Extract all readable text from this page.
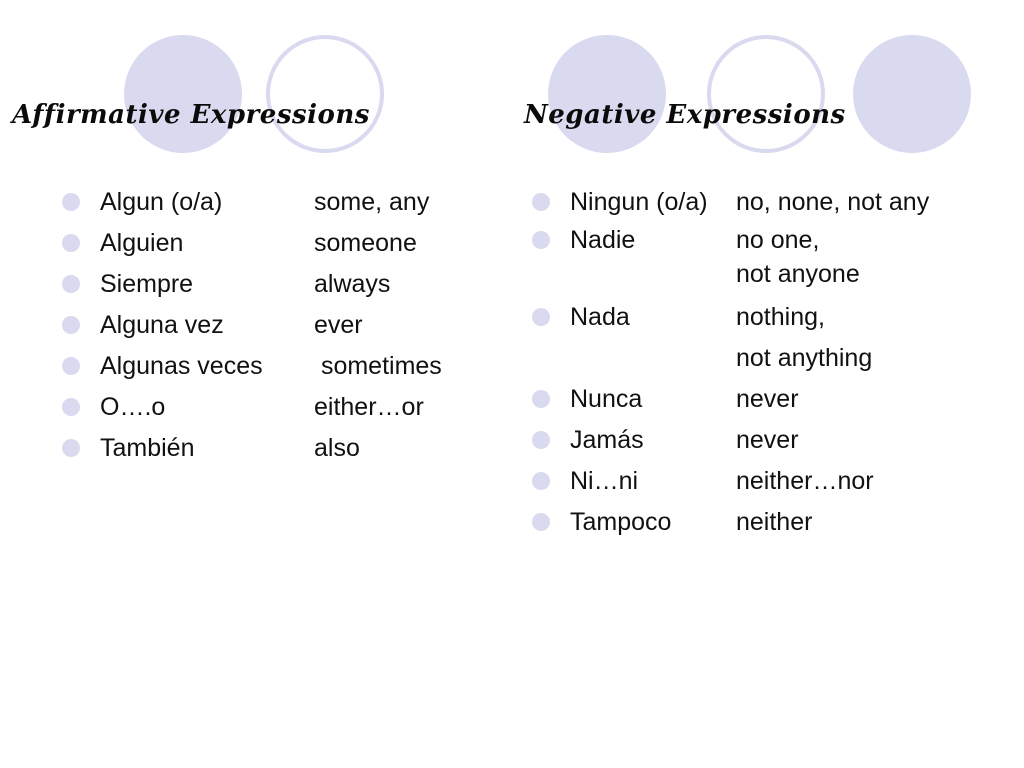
Affirmative Expressions	Negative Expressions
Algun (o/a)	some, any
Alguien	someone
Siempre	always
Alguna vez	ever
Algunas veces	sometimes
O….o	either…or
También	also
Ningun (o/a)	no, none, not any
Nadie	no one,
not anyone
Nada	nothing,
not anything
Nunca	never
Jamás	never
Ni…ni	neither…nor
Tampoco	neither
